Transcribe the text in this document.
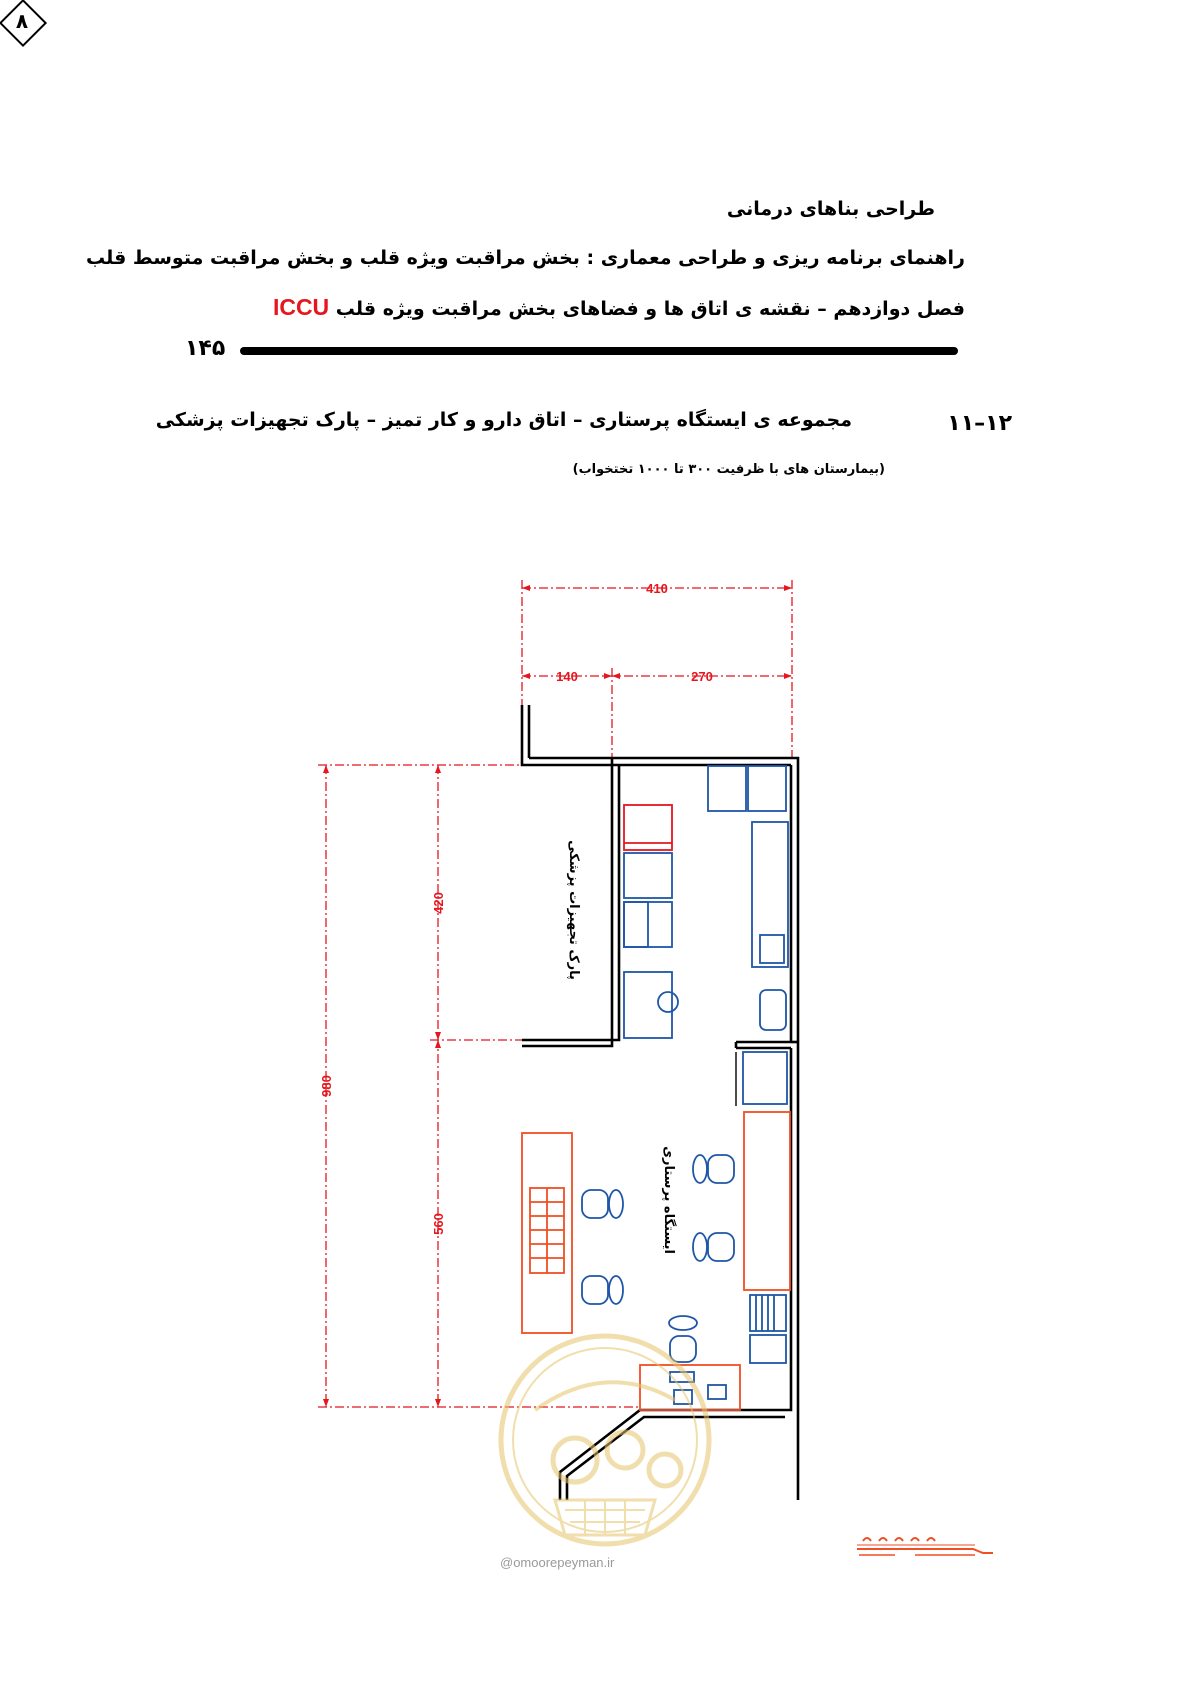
طراحی بناهای درمانی
۸
راهنمای برنامه ریزی و طراحی معماری : بخش مراقبت ویژه قلب و بخش مراقبت متوسط قلب
فصل دوازدهم – نقشه ی اتاق ها و فضاهای بخش مراقبت ویژه قلب ICCU
۱۴۵
۱۲–۱۱
مجموعه ی ایستگاه پرستاری – اتاق دارو و کار تمیز – پارک تجهیزات پزشکی
(بیمارستان های با ظرفیت ۳۰۰ تا ۱۰۰۰ تختخواب)
410
140	270
980
420
560
پارک تجهیزات پزشکی
ایستگاه پرستاری
@omoorepeyman.ir
